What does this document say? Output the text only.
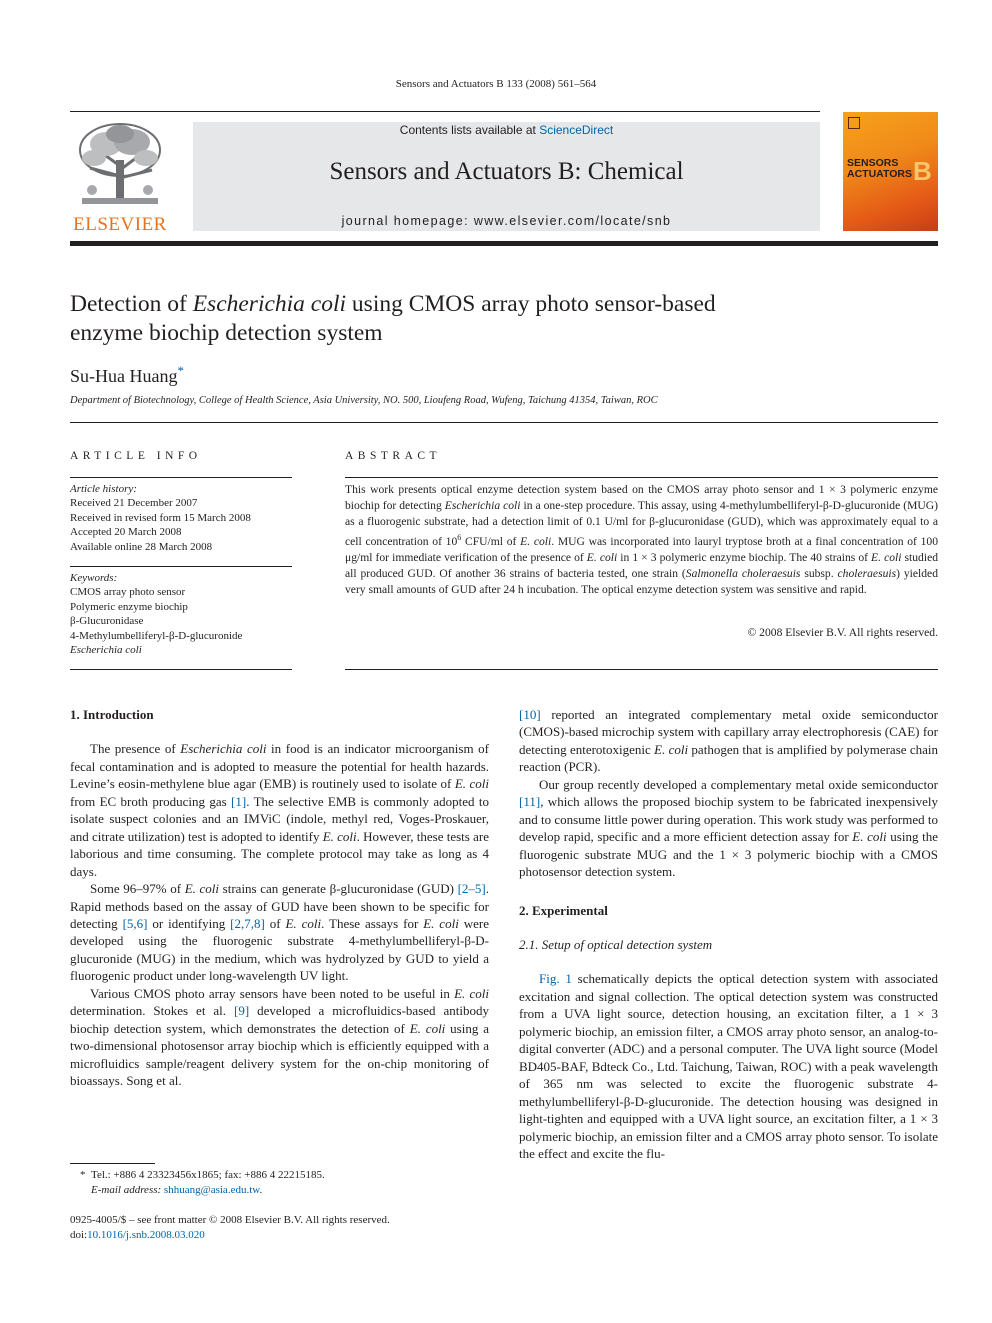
Sensors and Actuators B 133 (2008) 561–564
ELSEVIER
Contents lists available at ScienceDirect
Sensors and Actuators B: Chemical
journal homepage: www.elsevier.com/locate/snb
SENSORS
ACTUATORS B
Detection of Escherichia coli using CMOS array photo sensor-based enzyme biochip detection system
Su-Hua Huang*
Department of Biotechnology, College of Health Science, Asia University, NO. 500, Lioufeng Road, Wufeng, Taichung 41354, Taiwan, ROC
ARTICLE INFO
Article history:
Received 21 December 2007
Received in revised form 15 March 2008
Accepted 20 March 2008
Available online 28 March 2008
Keywords:
CMOS array photo sensor
Polymeric enzyme biochip
β-Glucuronidase
4-Methylumbelliferyl-β-D-glucuronide
Escherichia coli
ABSTRACT
This work presents optical enzyme detection system based on the CMOS array photo sensor and 1 × 3 polymeric enzyme biochip for detecting Escherichia coli in a one-step procedure. This assay, using 4-methylumbelliferyl-β-D-glucuronide (MUG) as a fluorogenic substrate, had a detection limit of 0.1 U/ml for β-glucuronidase (GUD), which was approximately equal to a cell concentration of $10^6$ CFU/ml of E. coli. MUG was incorporated into lauryl tryptose broth at a final concentration of 100 μg/ml for immediate verification of the presence of E. coli in 1 × 3 polymeric enzyme biochip. The 40 strains of E. coli studied all produced GUD. Of another 36 strains of bacteria tested, one strain (Salmonella choleraesuis subsp. choleraesuis) yielded very small amounts of GUD after 24 h incubation. The optical enzyme detection system was sensitive and rapid.
© 2008 Elsevier B.V. All rights reserved.

1. Introduction

The presence of Escherichia coli in food is an indicator microorganism of fecal contamination and is adopted to measure the potential for health hazards. Levine’s eosin-methylene blue agar (EMB) is routinely used to isolate of E. coli from EC broth producing gas [1]. The selective EMB is commonly adopted to isolate suspect colonies and an IMViC (indole, methyl red, Voges-Proskauer, and citrate utilization) test is adopted to identify E. coli. However, these tests are laborious and time consuming. The complete protocol may take as long as 4 days.

Some 96–97% of E. coli strains can generate β-glucuronidase (GUD) [2–5]. Rapid methods based on the assay of GUD have been shown to be specific for detecting [5,6] or identifying [2,7,8] of E. coli. These assays for E. coli were developed using the fluorogenic substrate 4-methylumbelliferyl-β-D-glucuronide (MUG) in the medium, which was hydrolyzed by GUD to yield a fluorogenic product under long-wavelength UV light.

Various CMOS photo array sensors have been noted to be useful in E. coli determination. Stokes et al. [9] developed a microfluidics-based antibody biochip detection system, which demonstrates the detection of E. coli using a two-dimensional photosensor array biochip which is efficiently equipped with a microfluidics sample/reagent delivery system for the on-chip monitoring of bioassays. Song et al.

[10] reported an integrated complementary metal oxide semiconductor (CMOS)-based microchip system with capillary array electrophoresis (CAE) for detecting enterotoxigenic E. coli pathogen that is amplified by polymerase chain reaction (PCR).

Our group recently developed a complementary metal oxide semiconductor [11], which allows the proposed biochip system to be fabricated inexpensively and to consume little power during operation. This work study was performed to develop rapid, specific and a more efficient detection assay for E. coli using the fluorogenic substrate MUG and the 1 × 3 polymeric biochip with a CMOS photosensor detection system.

2. Experimental

2.1. Setup of optical detection system

Fig. 1 schematically depicts the optical detection system with associated excitation and signal collection. The optical detection system was constructed from a UVA light source, detection housing, an excitation filter, a 1 × 3 polymeric biochip, an emission filter, a CMOS array photo sensor, an analog-to-digital converter (ADC) and a personal computer. The UVA light source (Model BD405-BAF, Bdteck Co., Ltd. Taichung, Taiwan, ROC) with a peak wavelength of 365 nm was selected to excite the fluorogenic substrate 4-methylumbelliferyl-β-D-glucuronide. The detection housing was designed in light-tighten and equipped with a UVA light source, an excitation filter, a 1 × 3 polymeric biochip, an emission filter and a CMOS array photo sensor. To isolate the effect and excite the flu-

* Tel.: +886 4 23323456x1865; fax: +886 4 22215185.
E-mail address: shhuang@asia.edu.tw.
0925-4005/$ – see front matter © 2008 Elsevier B.V. All rights reserved.
doi:10.1016/j.snb.2008.03.020
